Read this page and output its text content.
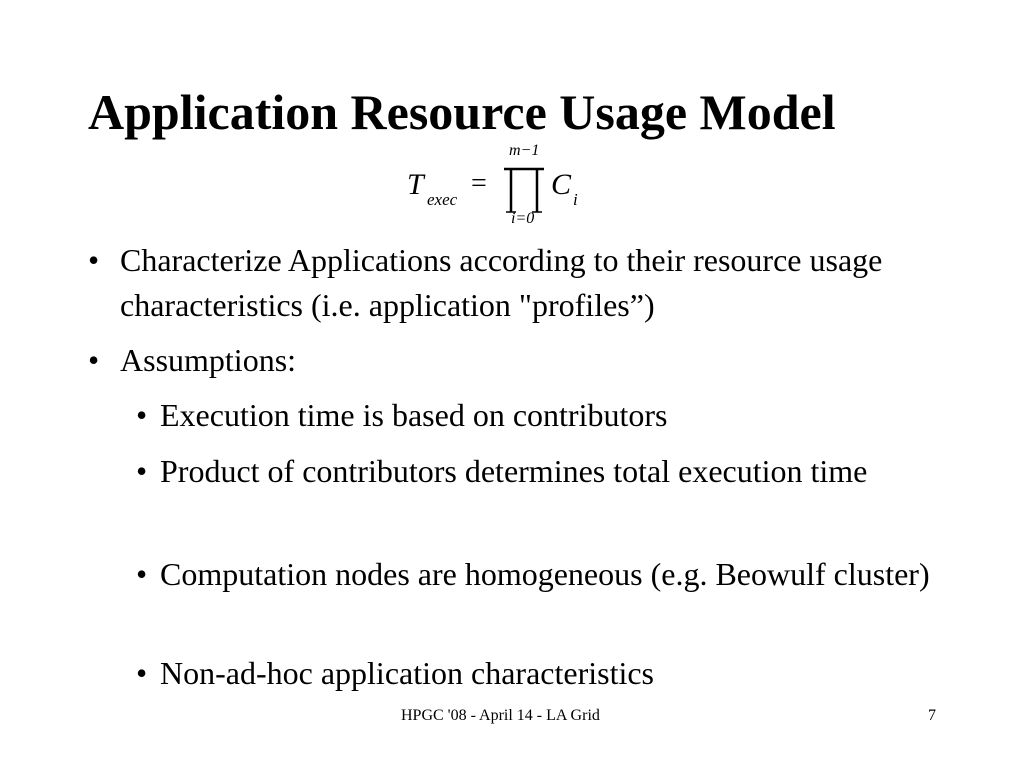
Application Resource Usage Model
T exec
=
m−1
i=0
C i
• Characterize Applications according to their resource usage characteristics (i.e. application "profiles”)
• Assumptions:
• Execution time is based on contributors
• Product of contributors determines total execution time
• Computation nodes are homogeneous (e.g. Beowulf cluster)
• Non-ad-hoc application characteristics
HPGC '08 - April 14 - LA Grid	7
